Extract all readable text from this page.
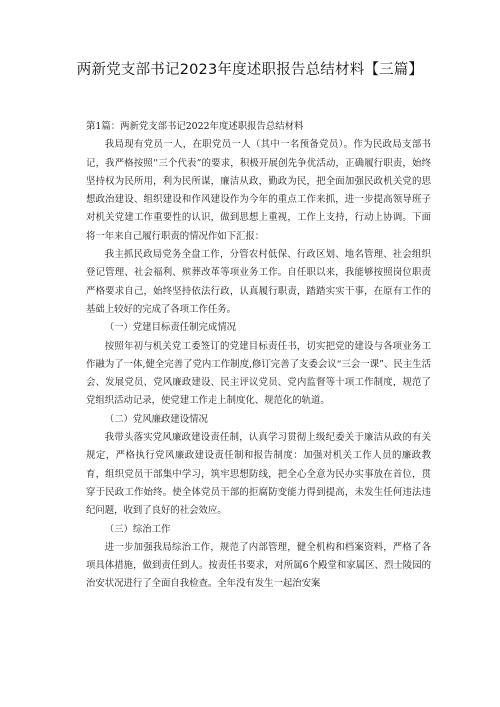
两新党支部书记2023年度述职报告总结材料【三篇】

第1篇：两新党支部书记2022年度述职报告总结材料

我局现有党员一人，在职党员一人（其中一名预备党员）。作为民政局支部书记，我严格按照''三个代表”的要求，积极开展创先争优活动，正确履行职责，始终坚持权为民所用，利为民所谋，廉洁从政，勤政为民，把全面加强民政机关党的思想政治建设、组织建设和作风建设作为今年的重点工作来抓，进一步提高领导班子对机关党建工作重要性的认识，做到思想上重视，工作上支持，行动上协调。下面将一年来自己履行职责的情况作如下汇报：

我主抓民政局党务全盘工作，分管农村低保、行政区划、地名管理、社会组织登记管理、社会福利、殡葬改革等项业务工作。自任职以来，我能够按照岗位职责严格要求自己，始终坚持依法行政，认真履行职责，踏踏实实干事，在原有工作的基础上较好的完成了各项工作任务。

（一）党建目标责任制完成情况

按照年初与机关党工委签订的党建目标责任书，切实把党的建设与各项业务工作融为了一体,健全完善了党内工作制度,修订完善了支委会议“三会一课”、民主生活会、发展党员、党风廉政建设、民主评议党员、党内监督等十项工作制度，规范了党组织活动记录，使党建工作走上制度化、规范化的轨道。

（二）党风廉政建设情况

我带头落实党风廉政建设责任制，认真学习贯彻上级纪委关于廉洁从政的有关规定，严格执行党风廉政建设责任制和报告制度：加强对机关工作人员的廉政教育，组织党员干部集中学习，筑牢思想防线，把全心全意为民办实事放在首位，贯穿于民政工作始终。使全体党员干部的拒腐防变能力得到提高，未发生任何违法违纪问题，收到了良好的社会效应。

（三）综治工作

进一步加强我局综治工作，规范了内部管理，健全机构和档案资料，严格了各项具体措施，做到责任到人。按责任书要求，对所属6个殿堂和家属区、烈士陵园的治安状况进行了全面自我检查。全年没有发生一起治安案
